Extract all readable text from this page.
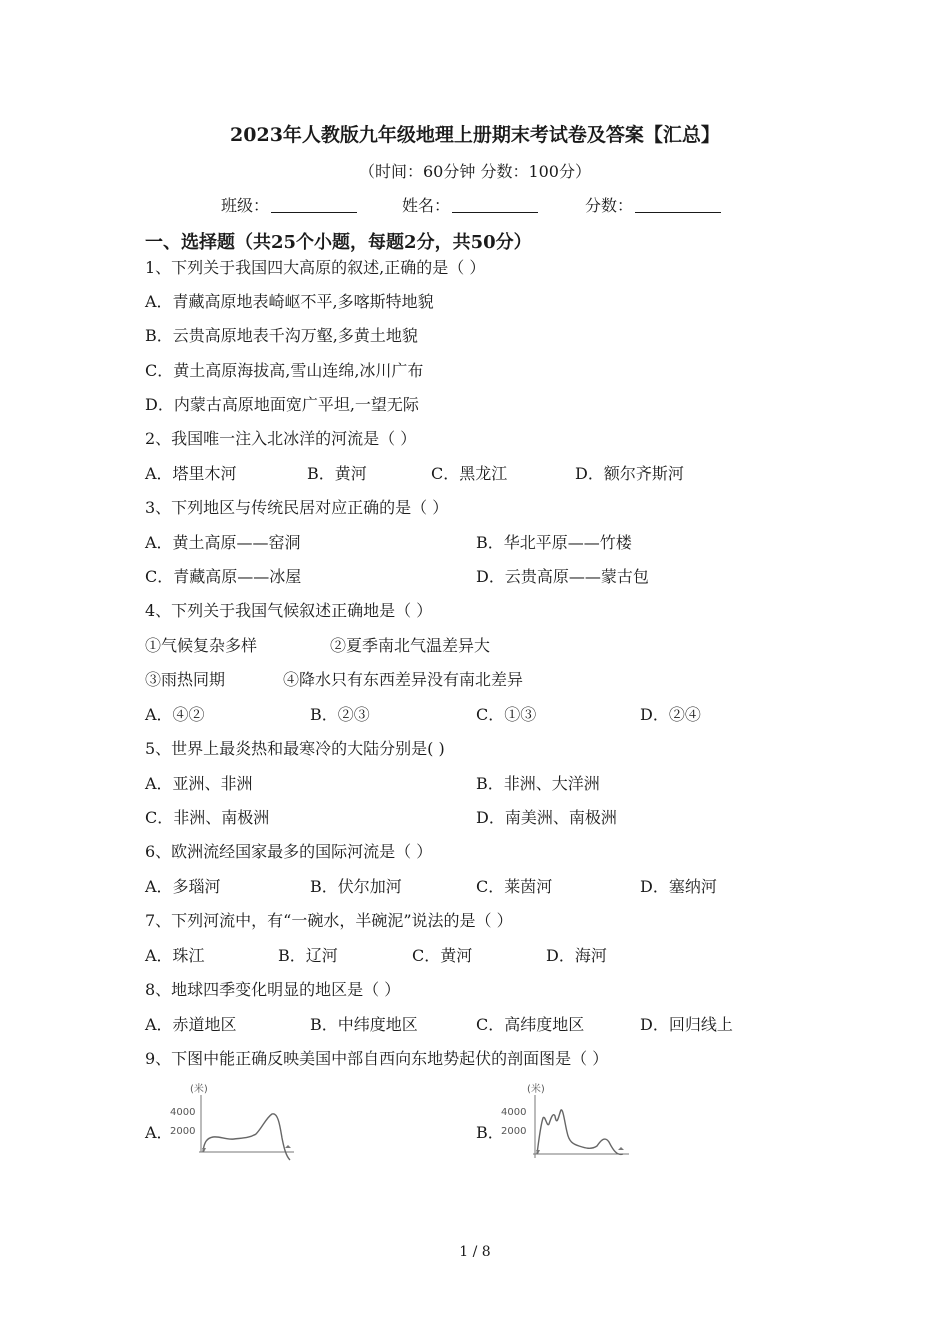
2023年人教版九年级地理上册期末考试卷及答案【汇总】
（时间：60分钟 分数：100分）
班级：	姓名：	分数：
一、选择题（共25个小题，每题2分，共50分）
1、下列关于我国四大高原的叙述,正确的是（ ）
A．青藏高原地表崎岖不平,多喀斯特地貌
B．云贵高原地表千沟万壑,多黄土地貌
C．黄土高原海拔高,雪山连绵,冰川广布
D．内蒙古高原地面宽广平坦,一望无际
2、我国唯一注入北冰洋的河流是（ ）
A．塔里木河	B．黄河	C．黑龙江	D．额尔齐斯河
3、下列地区与传统民居对应正确的是（ ）
A．黄土高原——窑洞	B．华北平原——竹楼
C．青藏高原——冰屋	D．云贵高原——蒙古包
4、下列关于我国气候叙述正确地是（ ）
①气候复杂多样	②夏季南北气温差异大
③雨热同期	④降水只有东西差异没有南北差异
A．④②	B．②③	C．①③	D．②④
5、世界上最炎热和最寒冷的大陆分别是( )
A．亚洲、非洲	B．非洲、大洋洲
C．非洲、南极洲	D．南美洲、南极洲
6、欧洲流经国家最多的国际河流是（ ）
A．多瑙河	B．伏尔加河	C．莱茵河	D．塞纳河
7、下列河流中，有“一碗水，半碗泥”说法的是（ ）
A．珠江	B．辽河	C．黄河	D．海河
8、地球四季变化明显的地区是（ ）
A．赤道地区	B．中纬度地区	C．高纬度地区	D．回归线上
9、下图中能正确反映美国中部自西向东地势起伏的剖面图是（ ）
A．	B．
(米)
4000
2000
(米)
4000
2000
1 / 8
